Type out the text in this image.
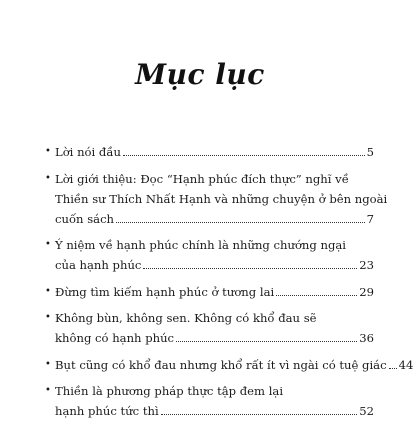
Mục lục
• Lời nói đầu	5
• Lời giới thiệu: Đọc “Hạnh phúc đích thực” nghĩ về
Thiền sư Thích Nhất Hạnh và những chuyện ở bên ngoài
cuốn sách	7
• Ý niệm về hạnh phúc chính là những chướng ngại
của hạnh phúc	23
• Đừng tìm kiếm hạnh phúc ở tương lai	29
• Không bùn, không sen. Không có khổ đau sẽ
không có hạnh phúc	36
• Bụt cũng có khổ đau nhưng khổ rất ít vì ngài có tuệ giác 44
• Thiền là phương pháp thực tập đem lại
hạnh phúc tức thì	52
